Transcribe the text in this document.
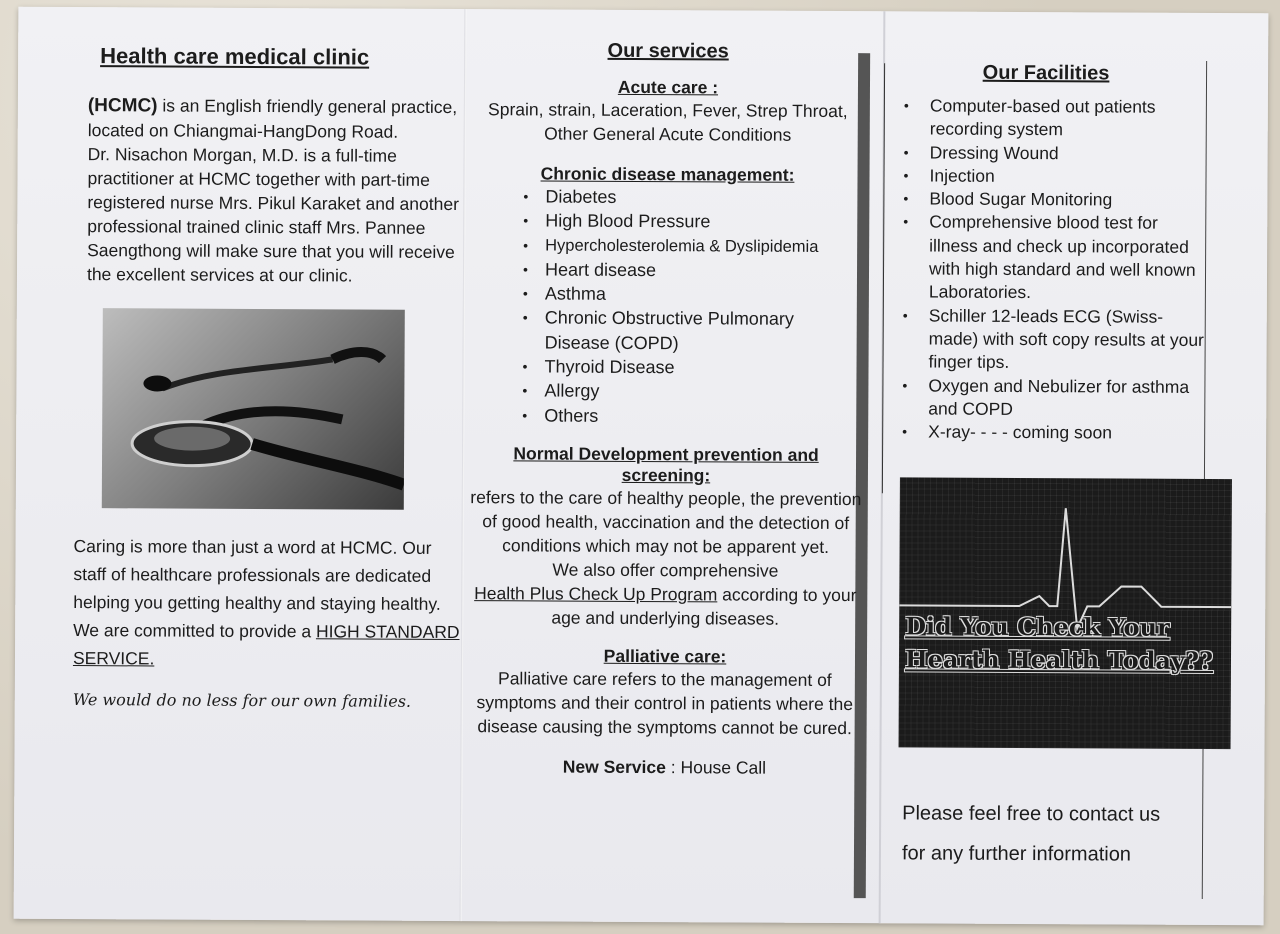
Health care medical clinic
(HCMC) is an English friendly general practice, located on Chiangmai-HangDong Road.
Dr. Nisachon Morgan, M.D. is a full-time practitioner at HCMC together with part-time registered nurse Mrs. Pikul Karaket and another professional trained clinic staff Mrs. Pannee Saengthong will make sure that you will receive the excellent services at our clinic.
Caring is more than just a word at HCMC. Our staff of healthcare professionals are dedicated helping you getting healthy and staying healthy. We are committed to provide a HIGH STANDARD SERVICE.
We would do no less for our own families.
Our services
Acute care :
Sprain, strain, Laceration, Fever, Strep Throat, Other General Acute Conditions
Chronic disease management:
• Diabetes
• High Blood Pressure
• Hypercholesterolemia & Dyslipidemia
• Heart disease
• Asthma
• Chronic Obstructive Pulmonary Disease (COPD)
• Thyroid Disease
• Allergy
• Others
Normal Development prevention and screening:
refers to the care of healthy people, the prevention of good health, vaccination and the detection of conditions which may not be apparent yet.
We also offer comprehensive
Health Plus Check Up Program according to your age and underlying diseases.
Palliative care:
Palliative care refers to the management of symptoms and their control in patients where the disease causing the symptoms cannot be cured.
New Service : House Call
Our Facilities
• Computer-based out patients recording system
• Dressing Wound
• Injection
• Blood Sugar Monitoring
• Comprehensive blood test for illness and check up incorporated with high standard and well known Laboratories.
• Schiller 12-leads ECG (Swiss- made) with soft copy results at your finger tips.
• Oxygen and Nebulizer for asthma and COPD
• X-ray- - - - coming soon
Did You Check Your
Hearth Health Today??
Please feel free to contact us
for any further information
